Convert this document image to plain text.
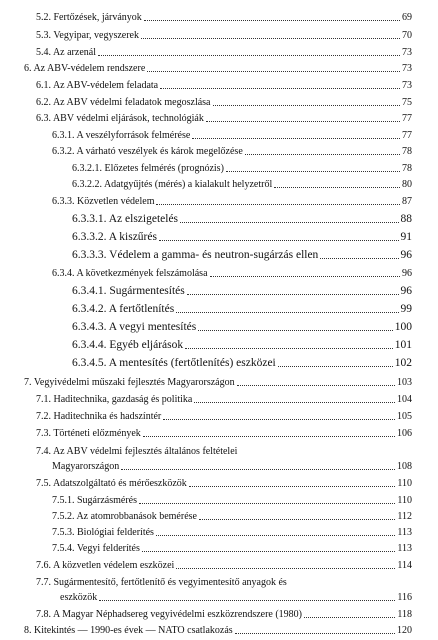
5.2. Fertőzések, járványok	69
5.3. Vegyipar, vegyszerek	70
5.4. Az arzenál	73
6. Az ABV-védelem rendszere	73
6.1. Az ABV-védelem feladata	73
6.2. Az ABV védelmi feladatok megoszlása	75
6.3. ABV védelmi eljárások, technológiák	77
6.3.1. A veszélyforrások felmérése	77
6.3.2. A várható veszélyek és károk megelőzése	78
6.3.2.1. Előzetes felmérés (prognózis)	78
6.3.2.2. Adatgyűjtés (mérés) a kialakult helyzetről	80
6.3.3. Közvetlen védelem	87
6.3.3.1. Az elszigetelés	88
6.3.3.2. A kiszűrés	91
6.3.3.3. Védelem a gamma- és neutron-sugárzás ellen	96
6.3.4. A következmények felszámolása	96
6.3.4.1. Sugármentesítés	96
6.3.4.2. A fertőtlenítés	99
6.3.4.3. A vegyi mentesítés	100
6.3.4.4. Egyéb eljárások	101
6.3.4.5. A mentesítés (fertőtlenítés) eszközei	102
7. Vegyivédelmi műszaki fejlesztés Magyarországon	103
7.1. Haditechnika, gazdaság és politika	104
7.2. Haditechnika és hadszíntér	105
7.3. Történeti előzmények	106
7.4. Az ABV védelmi fejlesztés általános feltételei
Magyarországon	108
7.5. Adatszolgáltató és mérőeszközök	110
7.5.1. Sugárzásmérés	110
7.5.2. Az atomrobbanások bemérése	112
7.5.3. Biológiai felderítés	113
7.5.4. Vegyi felderítés	113
7.6. A közvetlen védelem eszközei	114
7.7. Sugármentesítő, fertőtlenítő és vegyimentesítő anyagok és
eszközök	116
7.8. A Magyar Néphadsereg vegyivédelmi eszközrendszere (1980)	118
8. Kitekintés — 1990-es évek — NATO csatlakozás	120
